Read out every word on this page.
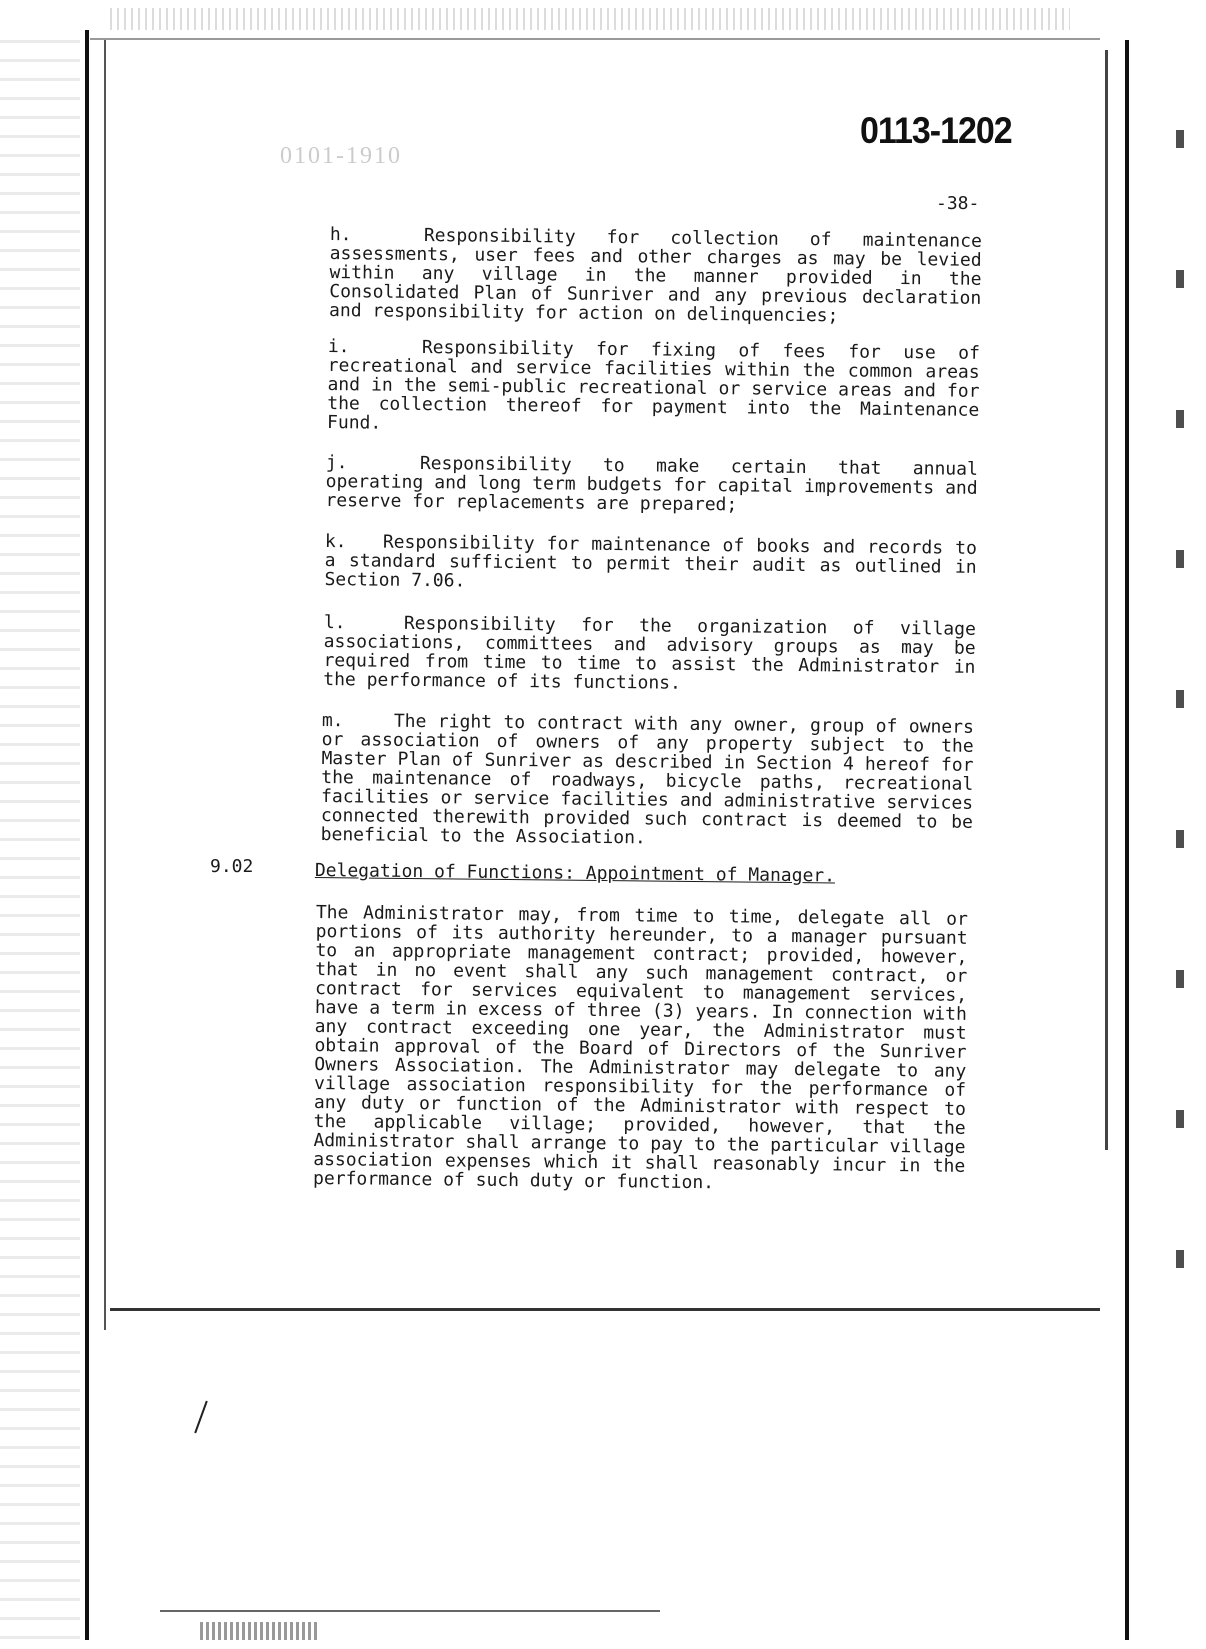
0101-1910
0113-1202
-38-
h.	Responsibility for collection of maintenance assessments, user fees and other charges as may be levied within any village in the manner provided in the Consolidated Plan of Sunriver and any previous declaration and responsibility for action on delinquencies;
i.	Responsibility for fixing of fees for use of recreational and service facilities within the common areas and in the semi-public recreational or service areas and for the collection thereof for payment into the Maintenance Fund.
j.	Responsibility to make certain that annual operating and long term budgets for capital improvements and reserve for replacements are prepared;
k. Responsibility for maintenance of books and records to a standard sufficient to permit their audit as outlined in Section 7.06.
l.	Responsibility for the organization of village associations, committees and advisory groups as may be required from time to time to assist the Administrator in the performance of its functions.
m.	The right to contract with any owner, group of owners or association of owners of any property subject to the Master Plan of Sunriver as described in Section 4 hereof for the maintenance of roadways, bicycle paths, recreational facilities or service facilities and administrative services connected therewith provided such contract is deemed to be beneficial to the Association.
9.02	Delegation of Functions: Appointment of Manager.
The Administrator may, from time to time, delegate all or portions of its authority hereunder, to a manager pursuant to an appropriate management contract; provided, however, that in no event shall any such management contract, or contract for services equivalent to management services, have a term in excess of three (3) years. In connection with any contract exceeding one year, the Administrator must obtain approval of the Board of Directors of the Sunriver Owners Association. The Administrator may delegate to any village association responsibility for the performance of any duty or function of the Administrator with respect to the applicable village; provided, however, that the Administrator shall arrange to pay to the particular village association expenses which it shall reasonably incur in the performance of such duty or function.
